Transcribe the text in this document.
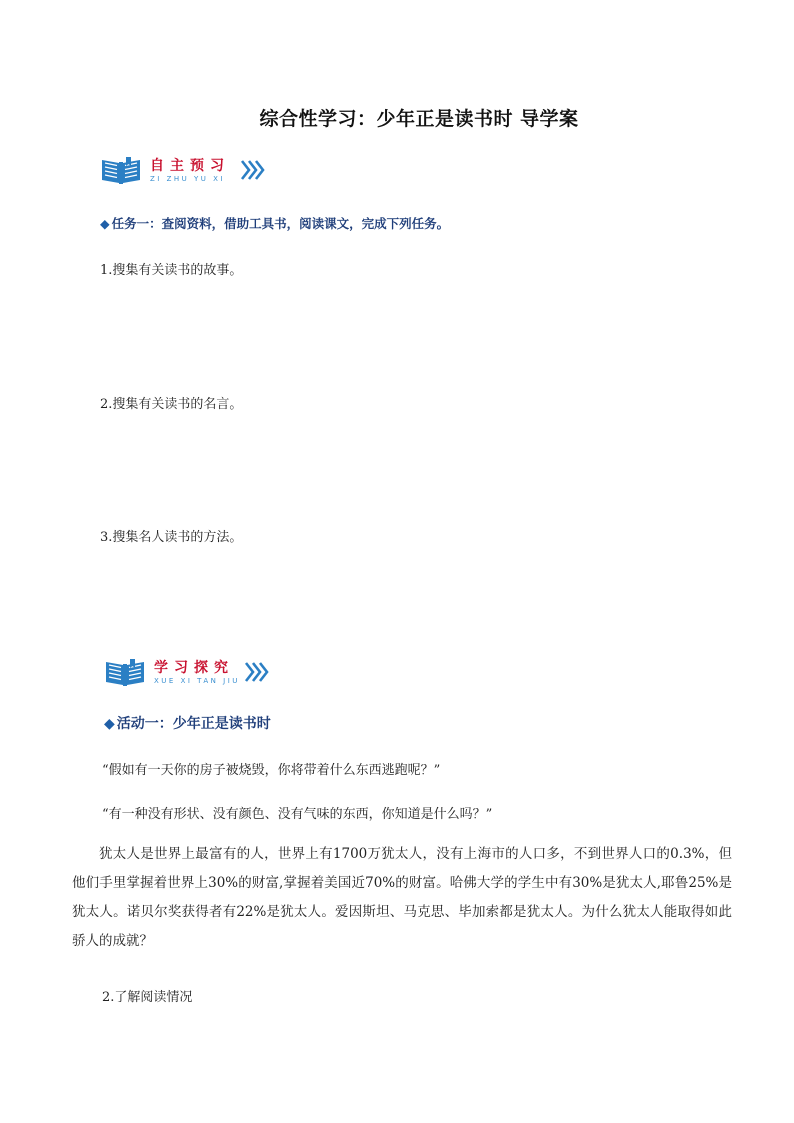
综合性学习：少年正是读书时 导学案
自主预习
ZI ZHU YU XI
◆ 任务一：查阅资料，借助工具书，阅读课文，完成下列任务。
1.搜集有关读书的故事。
2.搜集有关读书的名言。
3.搜集名人读书的方法。
学习探究
XUE XI TAN JIU
◆ 活动一：少年正是读书时
“假如有一天你的房子被烧毁，你将带着什么东西逃跑呢？”
“有一种没有形状、没有颜色、没有气味的东西，你知道是什么吗？”
犹太人是世界上最富有的人，世界上有1700万犹太人，没有上海市的人口多，不到世界人口的0.3%，但他们手里掌握着世界上30%的财富,掌握着美国近70%的财富。哈佛大学的学生中有30%是犹太人,耶鲁25%是犹太人。诺贝尔奖获得者有22%是犹太人。爱因斯坦、马克思、毕加索都是犹太人。为什么犹太人能取得如此骄人的成就？
2.了解阅读情况
